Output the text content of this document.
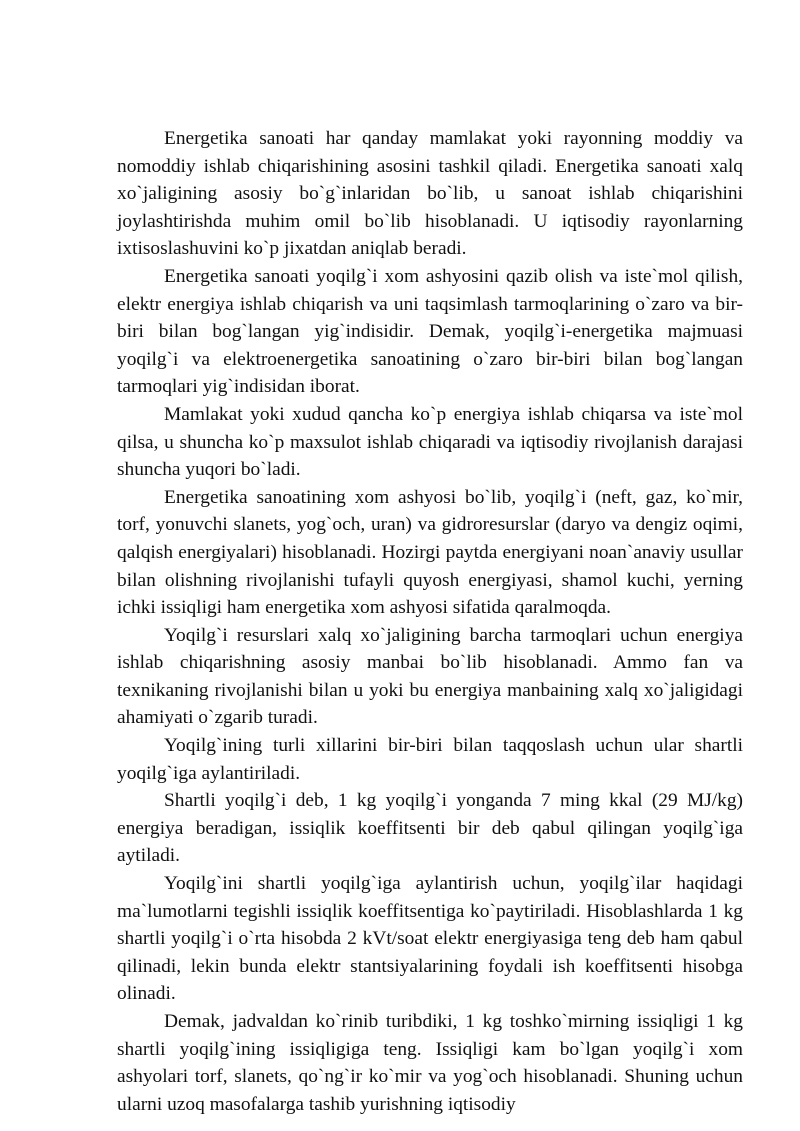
Energetika sanoati har qanday mamlakat yoki rayonning moddiy va nomoddiy ishlab chiqarishining asosini tashkil qiladi. Energetika sanoati xalq xo`jaligining asosiy bo`g`inlaridan bo`lib, u sanoat ishlab chiqarishini joylashtirishda muhim omil bo`lib hisoblanadi. U iqtisodiy rayonlarning ixtisoslashuvini ko`p jixatdan aniqlab beradi.

Energetika sanoati yoqilg`i xom ashyosini qazib olish va iste`mol qilish, elektr energiya ishlab chiqarish va uni taqsimlash tarmoqlarining o`zaro va bir-biri bilan bog`langan yig`indisidir. Demak, yoqilg`i-energetika majmuasi yoqilg`i va elektroenergetika sanoatining o`zaro bir-biri bilan bog`langan tarmoqlari yig`indisidan iborat.

Mamlakat yoki xudud qancha ko`p energiya ishlab chiqarsa va iste`mol qilsa, u shuncha ko`p maxsulot ishlab chiqaradi va iqtisodiy rivojlanish darajasi shuncha yuqori bo`ladi.

Energetika sanoatining xom ashyosi bo`lib, yoqilg`i (neft, gaz, ko`mir, torf, yonuvchi slanets, yog`och, uran) va gidroresurslar (daryo va dengiz oqimi, qalqish energiyalari) hisoblanadi. Hozirgi paytda energiyani noan`anaviy usullar bilan olishning rivojlanishi tufayli quyosh energiyasi, shamol kuchi, yerning ichki issiqligi ham energetika xom ashyosi sifatida qaralmoqda.

Yoqilg`i resurslari xalq xo`jaligining barcha tarmoqlari uchun energiya ishlab chiqarishning asosiy manbai bo`lib hisoblanadi. Ammo fan va texnikaning rivojlanishi bilan u yoki bu energiya manbaining xalq xo`jaligidagi ahamiyati o`zgarib turadi.

Yoqilg`ining turli xillarini bir-biri bilan taqqoslash uchun ular shartli yoqilg`iga aylantiriladi.

Shartli yoqilg`i deb, 1 kg yoqilg`i yonganda 7 ming kkal (29 MJ/kg) energiya beradigan, issiqlik koeffitsenti bir deb qabul qilingan yoqilg`iga aytiladi.

Yoqilg`ini shartli yoqilg`iga aylantirish uchun, yoqilg`ilar haqidagi ma`lumotlarni tegishli issiqlik koeffitsentiga ko`paytiriladi. Hisoblashlarda 1 kg shartli yoqilg`i o`rta hisobda 2 kVt/soat elektr energiyasiga teng deb ham qabul qilinadi, lekin bunda elektr stantsiyalarining foydali ish koeffitsenti hisobga olinadi.

Demak, jadvaldan ko`rinib turibdiki, 1 kg toshko`mirning issiqligi 1 kg shartli yoqilg`ining issiqligiga teng. Issiqligi kam bo`lgan yoqilg`i xom ashyolari torf, slanets, qo`ng`ir ko`mir va yog`och hisoblanadi. Shuning uchun ularni uzoq masofalarga tashib yurishning iqtisodiy
